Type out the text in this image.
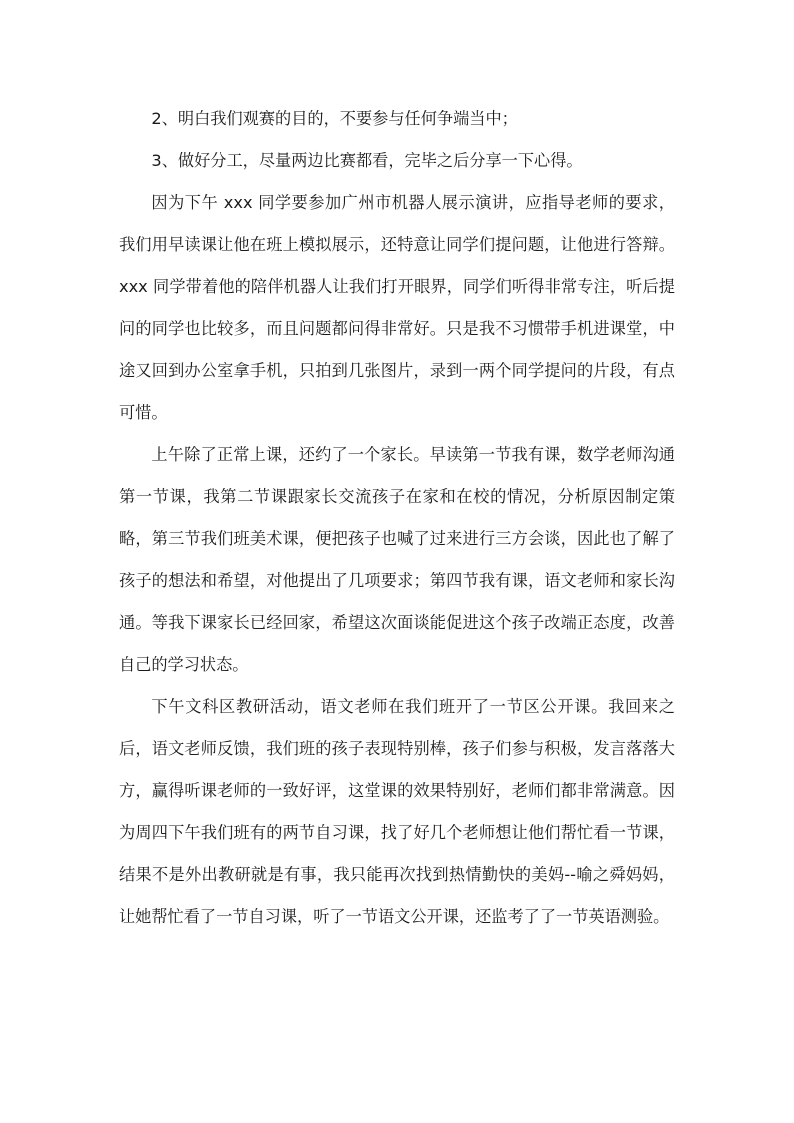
2、明白我们观赛的目的，不要参与任何争端当中；

3、做好分工，尽量两边比赛都看，完毕之后分享一下心得。

因为下午 xxx 同学要参加广州市机器人展示演讲，应指导老师的要求，我们用早读课让他在班上模拟展示，还特意让同学们提问题，让他进行答辩。xxx 同学带着他的陪伴机器人让我们打开眼界，同学们听得非常专注，听后提问的同学也比较多，而且问题都问得非常好。只是我不习惯带手机进课堂，中途又回到办公室拿手机，只拍到几张图片，录到一两个同学提问的片段，有点可惜。

上午除了正常上课，还约了一个家长。早读第一节我有课，数学老师沟通第一节课，我第二节课跟家长交流孩子在家和在校的情况，分析原因制定策略，第三节我们班美术课，便把孩子也喊了过来进行三方会谈，因此也了解了孩子的想法和希望，对他提出了几项要求；第四节我有课，语文老师和家长沟通。等我下课家长已经回家，希望这次面谈能促进这个孩子改端正态度，改善自己的学习状态。

下午文科区教研活动，语文老师在我们班开了一节区公开课。我回来之后，语文老师反馈，我们班的孩子表现特别棒，孩子们参与积极，发言落落大方，赢得听课老师的一致好评，这堂课的效果特别好，老师们都非常满意。因为周四下午我们班有的两节自习课，找了好几个老师想让他们帮忙看一节课，结果不是外出教研就是有事，我只能再次找到热情勤快的美妈--喻之舜妈妈，让她帮忙看了一节自习课，听了一节语文公开课，还监考了了一节英语测验。
